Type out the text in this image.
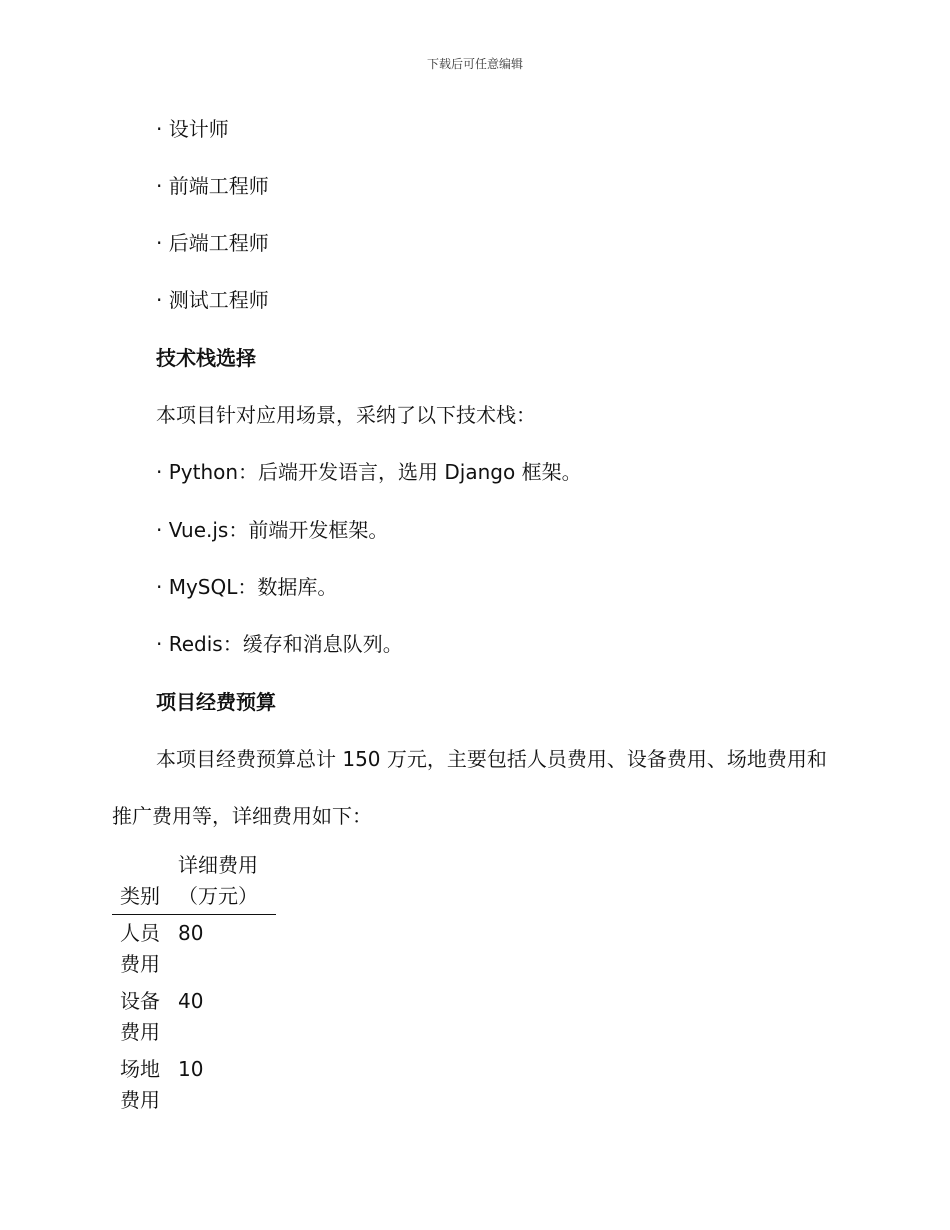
下载后可任意编辑
· 设计师
· 前端工程师
· 后端工程师
· 测试工程师
技术栈选择
本项目针对应用场景，采纳了以下技术栈：
· Python：后端开发语言，选用 Django 框架。
· Vue.js：前端开发框架。
· MySQL：数据库。
· Redis：缓存和消息队列。
项目经费预算
本项目经费预算总计 150 万元，主要包括人员费用、设备费用、场地费用和推广费用等，详细费用如下：
类别	详细费用（万元）
人员费用	80
设备费用	40
场地费用	10
